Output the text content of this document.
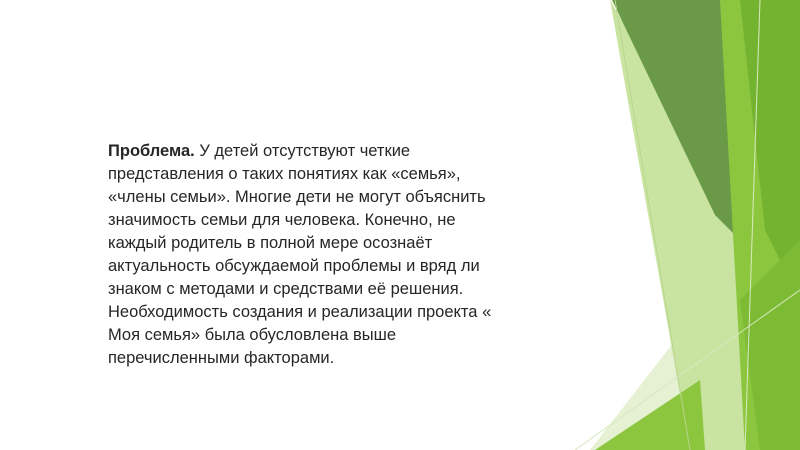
Проблема. У детей отсутствуют четкие
представления о таких понятиях как «семья»,
«члены семьи». Многие дети не могут объяснить
значимость семьи для человека. Конечно, не
каждый родитель в полной мере осознаёт
актуальность обсуждаемой проблемы и вряд ли
знаком с методами и средствами её решения.
Необходимость создания и реализации проекта «
Моя семья» была обусловлена выше
перечисленными факторами.
